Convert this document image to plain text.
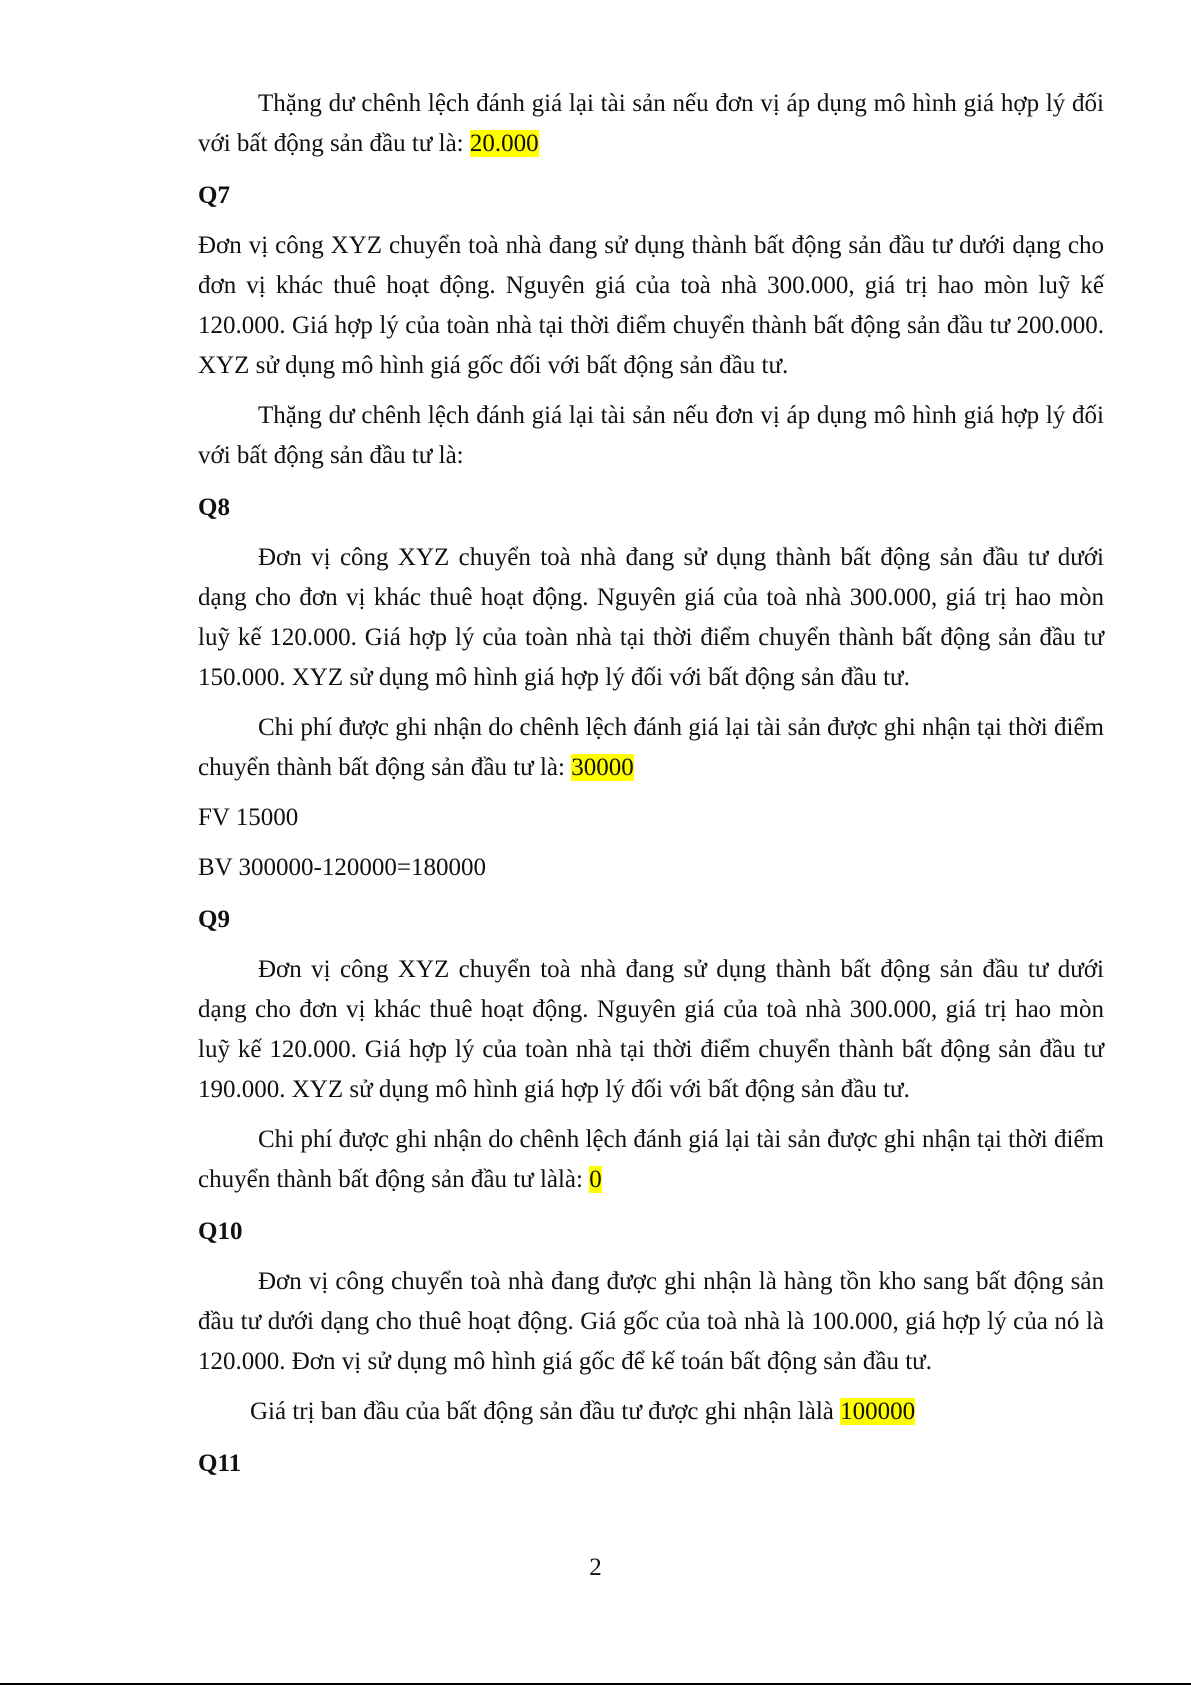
Thặng dư chênh lệch đánh giá lại tài sản nếu đơn vị áp dụng mô hình giá hợp lý đối với bất động sản đầu tư là: 20.000

Q7

Đơn vị công XYZ chuyển toà nhà đang sử dụng thành bất động sản đầu tư dưới dạng cho đơn vị khác thuê hoạt động. Nguyên giá của toà nhà 300.000, giá trị hao mòn luỹ kế 120.000. Giá hợp lý của toàn nhà tại thời điểm chuyển thành bất động sản đầu tư 200.000. XYZ sử dụng mô hình giá gốc đối với bất động sản đầu tư.

Thặng dư chênh lệch đánh giá lại tài sản nếu đơn vị áp dụng mô hình giá hợp lý đối với bất động sản đầu tư là:

Q8

Đơn vị công XYZ chuyển toà nhà đang sử dụng thành bất động sản đầu tư dưới dạng cho đơn vị khác thuê hoạt động. Nguyên giá của toà nhà 300.000, giá trị hao mòn luỹ kế 120.000. Giá hợp lý của toàn nhà tại thời điểm chuyển thành bất động sản đầu tư 150.000. XYZ sử dụng mô hình giá hợp lý đối với bất động sản đầu tư.

Chi phí được ghi nhận do chênh lệch đánh giá lại tài sản được ghi nhận tại thời điểm chuyển thành bất động sản đầu tư là: 30000

FV 15000

BV 300000-120000=180000

Q9

Đơn vị công XYZ chuyển toà nhà đang sử dụng thành bất động sản đầu tư dưới dạng cho đơn vị khác thuê hoạt động. Nguyên giá của toà nhà 300.000, giá trị hao mòn luỹ kế 120.000. Giá hợp lý của toàn nhà tại thời điểm chuyển thành bất động sản đầu tư 190.000. XYZ sử dụng mô hình giá hợp lý đối với bất động sản đầu tư.

Chi phí được ghi nhận do chênh lệch đánh giá lại tài sản được ghi nhận tại thời điểm chuyển thành bất động sản đầu tư làlà: 0

Q10

Đơn vị công chuyển toà nhà đang được ghi nhận là hàng tồn kho sang bất động sản đầu tư dưới dạng cho thuê hoạt động. Giá gốc của toà nhà là 100.000, giá hợp lý của nó là 120.000. Đơn vị sử dụng mô hình giá gốc để kế toán bất động sản đầu tư.

Giá trị ban đầu của bất động sản đầu tư được ghi nhận làlà 100000

Q11

2
